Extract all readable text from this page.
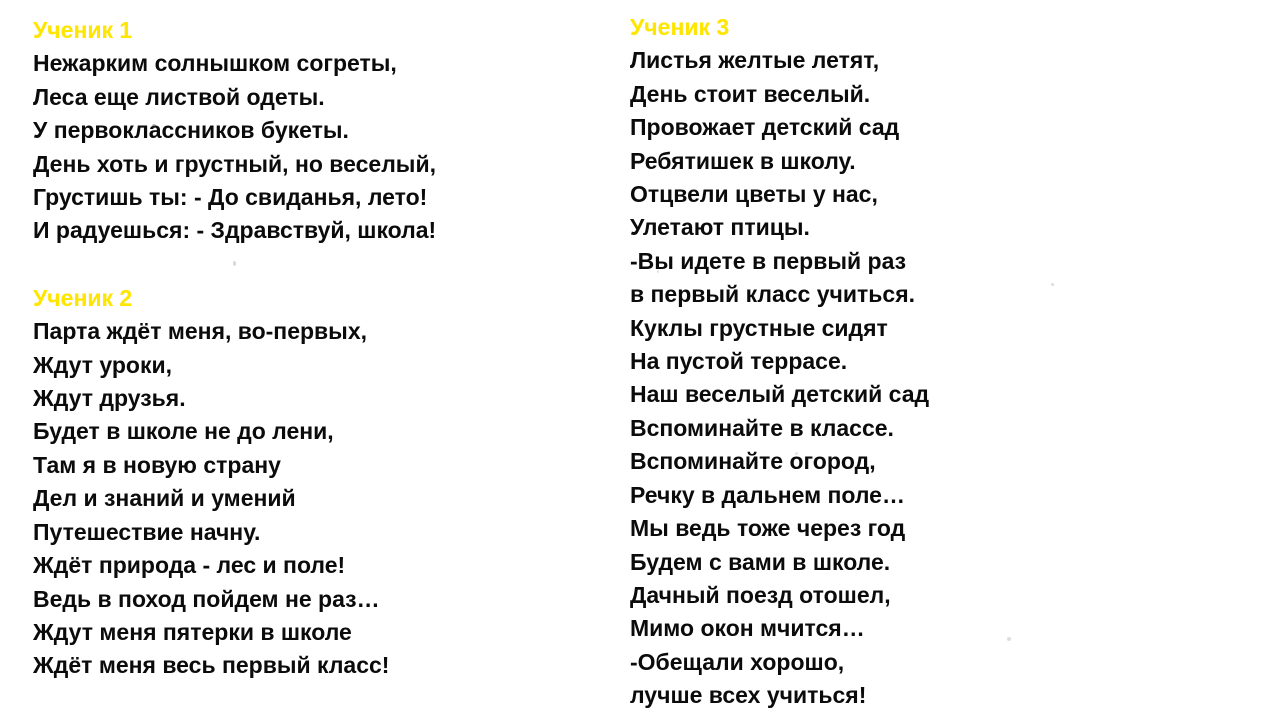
Ученик 1

Нежарким солнышком согреты,

Леса еще листвой одеты.

У первоклассников букеты.

День хоть и грустный, но веселый,

Грустишь ты: - До свиданья, лето!

И радуешься: - Здравствуй, школа!

Ученик 2

Парта ждёт меня, во-первых,

Ждут уроки,

Ждут друзья.

Будет в школе не до лени,

Там я в новую страну

Дел и знаний и умений

Путешествие начну.

Ждёт природа - лес и поле!

Ведь в поход пойдем не раз…

Ждут меня пятерки в школе

Ждёт меня весь первый класс!

Ученик 3

Листья желтые летят,

День стоит веселый.

Провожает детский сад

Ребятишек в школу.

Отцвели цветы у нас,

Улетают птицы.

-Вы идете в первый раз

в первый класс учиться.

Куклы грустные сидят

На пустой террасе.

Наш веселый детский сад

Вспоминайте в классе.

Вспоминайте огород,

Речку в дальнем поле…

Мы ведь тоже через год

Будем с вами в школе.

Дачный поезд отошел,

Мимо окон мчится…

-Обещали хорошо,

лучше всех учиться!
